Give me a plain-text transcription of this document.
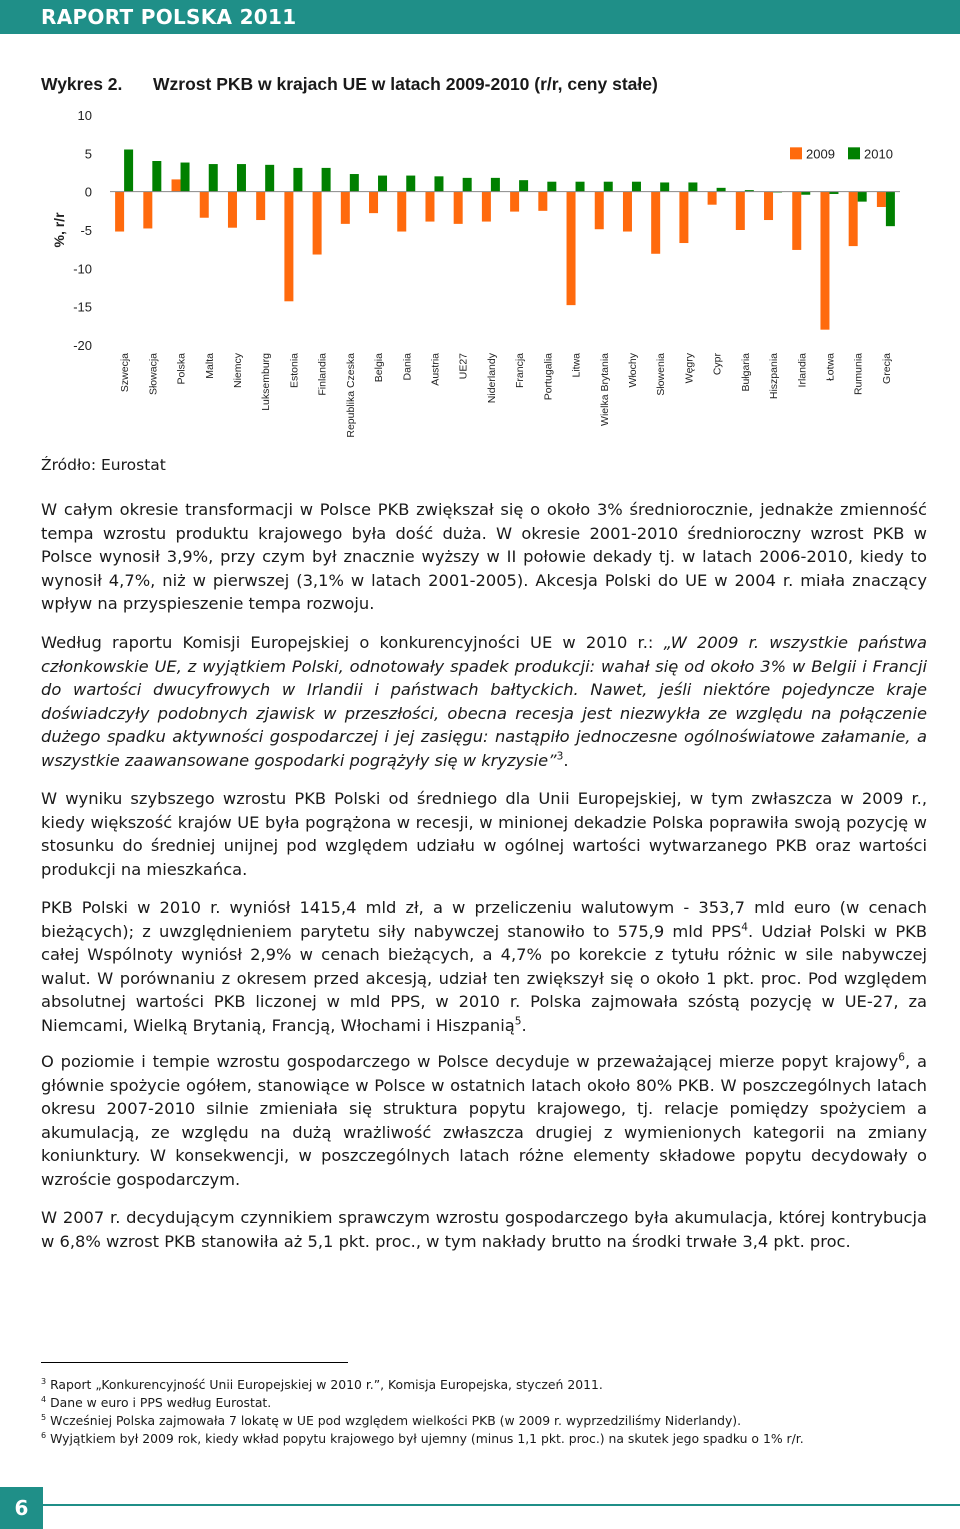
RAPORT POLSKA 2011
Wykres 2. Wzrost PKB w krajach UE w latach 2009-2010 (r/r, ceny stałe)
10
5
0
-5
-10
-15
-20
%, r/r
Szwecja Słowacja Polska Malta Niemcy Luksemburg Estonia Finlandia Republika Czeska Belgia Dania Austria UE27 Niderlandy Francja Portugalia Litwa Wielka Brytania Włochy Słowenia Węgry Cypr Bułgaria Hiszpania Irlandia Łotwa Rumunia Grecja
2009 2010
Źródło: Eurostat

W całym okresie transformacji w Polsce PKB zwiększał się o około 3% średniorocznie, jednakże zmienność tempa wzrostu produktu krajowego była dość duża. W okresie 2001-2010 średnioroczny wzrost PKB w Polsce wynosił 3,9%, przy czym był znacznie wyższy w II połowie dekady tj. w latach 2006-2010, kiedy to wynosił 4,7%, niż w pierwszej (3,1% w latach 2001-2005). Akcesja Polski do UE w 2004 r. miała znaczący wpływ na przyspieszenie tempa rozwoju.

Według raportu Komisji Europejskiej o konkurencyjności UE w 2010 r.: „W 2009 r. wszystkie państwa członkowskie UE, z wyjątkiem Polski, odnotowały spadek produkcji: wahał się od około 3% w Belgii i Francji do wartości dwucyfrowych w Irlandii i państwach bałtyckich. Nawet, jeśli niektóre pojedyncze kraje doświadczyły podobnych zjawisk w przeszłości, obecna recesja jest niezwykła ze względu na połączenie dużego spadku aktywności gospodarczej i jej zasięgu: nastąpiło jednoczesne ogólnoświatowe załamanie, a wszystkie zaawansowane gospodarki pogrążyły się w kryzysie”$^3$.

W wyniku szybszego wzrostu PKB Polski od średniego dla Unii Europejskiej, w tym zwłaszcza w 2009 r., kiedy większość krajów UE była pogrążona w recesji, w minionej dekadzie Polska poprawiła swoją pozycję w stosunku do średniej unijnej pod względem udziału w ogólnej wartości wytwarzanego PKB oraz wartości produkcji na mieszkańca.

PKB Polski w 2010 r. wyniósł 1415,4 mld zł, a w przeliczeniu walutowym - 353,7 mld euro (w cenach bieżących); z uwzględnieniem parytetu siły nabywczej stanowiło to 575,9 mld PPS$^4$. Udział Polski w PKB całej Wspólnoty wyniósł 2,9% w cenach bieżących, a 4,7% po korekcie z tytułu różnic w sile nabywczej walut. W porównaniu z okresem przed akcesją, udział ten zwiększył się o około 1 pkt. proc. Pod względem absolutnej wartości PKB liczonej w mld PPS, w 2010 r. Polska zajmowała szóstą pozycję w UE-27, za Niemcami, Wielką Brytanią, Francją, Włochami i Hiszpanią$^5$.

O poziomie i tempie wzrostu gospodarczego w Polsce decyduje w przeważającej mierze popyt krajowy$^6$, a głównie spożycie ogółem, stanowiące w Polsce w ostatnich latach około 80% PKB. W poszczególnych latach okresu 2007-2010 silnie zmieniała się struktura popytu krajowego, tj. relacje pomiędzy spożyciem a akumulacją, ze względu na dużą wrażliwość zwłaszcza drugiej z wymienionych kategorii na zmiany koniunktury. W konsekwencji, w poszczególnych latach różne elementy składowe popytu decydowały o wzroście gospodarczym.

W 2007 r. decydującym czynnikiem sprawczym wzrostu gospodarczego była akumulacja, której kontrybucja w 6,8% wzrost PKB stanowiła aż 5,1 pkt. proc., w tym nakłady brutto na środki trwałe 3,4 pkt. proc.

$^3$ Raport „Konkurencyjność Unii Europejskiej w 2010 r.”, Komisja Europejska, styczeń 2011.
$^4$ Dane w euro i PPS według Eurostat.
$^5$ Wcześniej Polska zajmowała 7 lokatę w UE pod względem wielkości PKB (w 2009 r. wyprzedziliśmy Niderlandy).
$^6$ Wyjątkiem był 2009 rok, kiedy wkład popytu krajowego był ujemny (minus 1,1 pkt. proc.) na skutek jego spadku o 1% r/r.
6
